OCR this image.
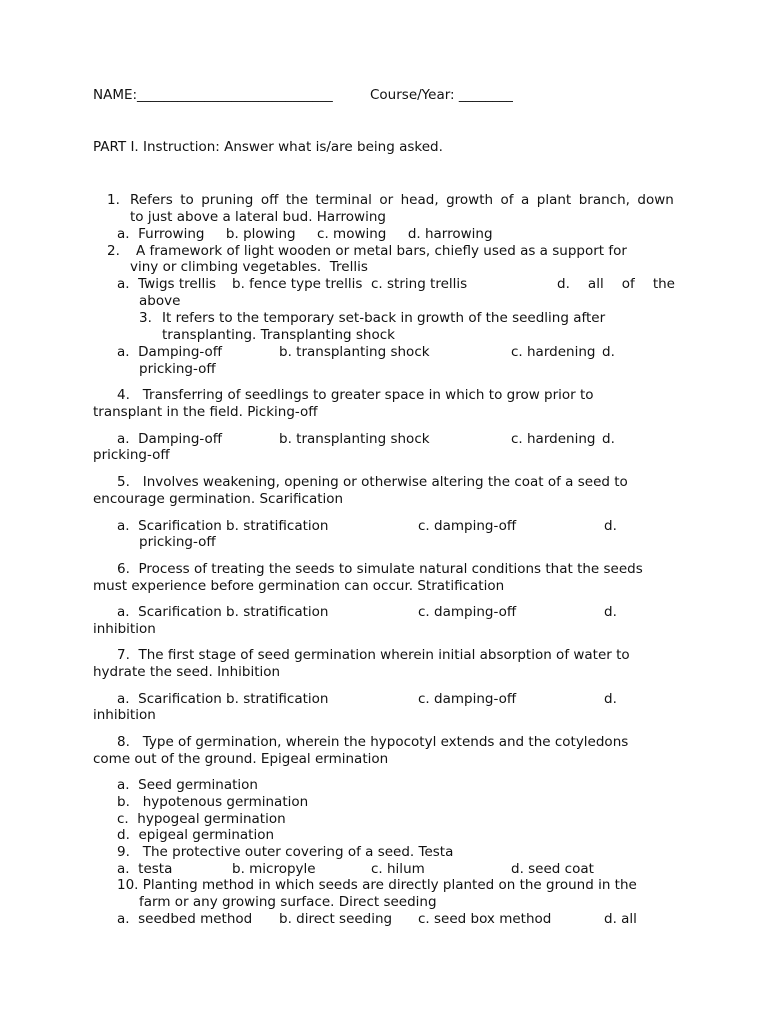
NAME:_____________________________	Course/Year: ________
PART I. Instruction: Answer what is/are being asked.
1. Refers to pruning off the terminal or head, growth of a plant branch, down
to just above a lateral bud. Harrowing
a.  Furrowing     b. plowing     c. mowing     d. harrowing
2. A framework of light wooden or metal bars, chiefly used as a support for
viny or climbing vegetables.  Trellis
a.  Twigs trellis b. fence type trellis c. string trellis	d. all of the
above
3. It refers to the temporary set-back in growth of the seedling after
transplanting. Transplanting shock
a.  Damping-off	b. transplanting shock	c. hardening d.
pricking-off
4.   Transferring of seedlings to greater space in which to grow prior to
transplant in the field. Picking-off
a.  Damping-off	b. transplanting shock	c. hardening d.
pricking-off
5.   Involves weakening, opening or otherwise altering the coat of a seed to
encourage germination. Scarification
a.  Scarification b. stratification	c. damping-off	d.
pricking-off
6.  Process of treating the seeds to simulate natural conditions that the seeds
must experience before germination can occur. Stratification
a.  Scarification b. stratification	c. damping-off	d.
inhibition
7.  The first stage of seed germination wherein initial absorption of water to
hydrate the seed. Inhibition
a.  Scarification b. stratification	c. damping-off	d.
inhibition
8.   Type of germination, wherein the hypocotyl extends and the cotyledons
come out of the ground. Epigeal ermination
a.  Seed germination
b.   hypotenous germination
c.  hypogeal germination
d.  epigeal germination
9.   The protective outer covering of a seed. Testa
a.  testa	b. micropyle	c. hilum	d. seed coat
10. Planting method in which seeds are directly planted on the ground in the
farm or any growing surface. Direct seeding
a.  seedbed method b. direct seeding c. seed box method	d. all
